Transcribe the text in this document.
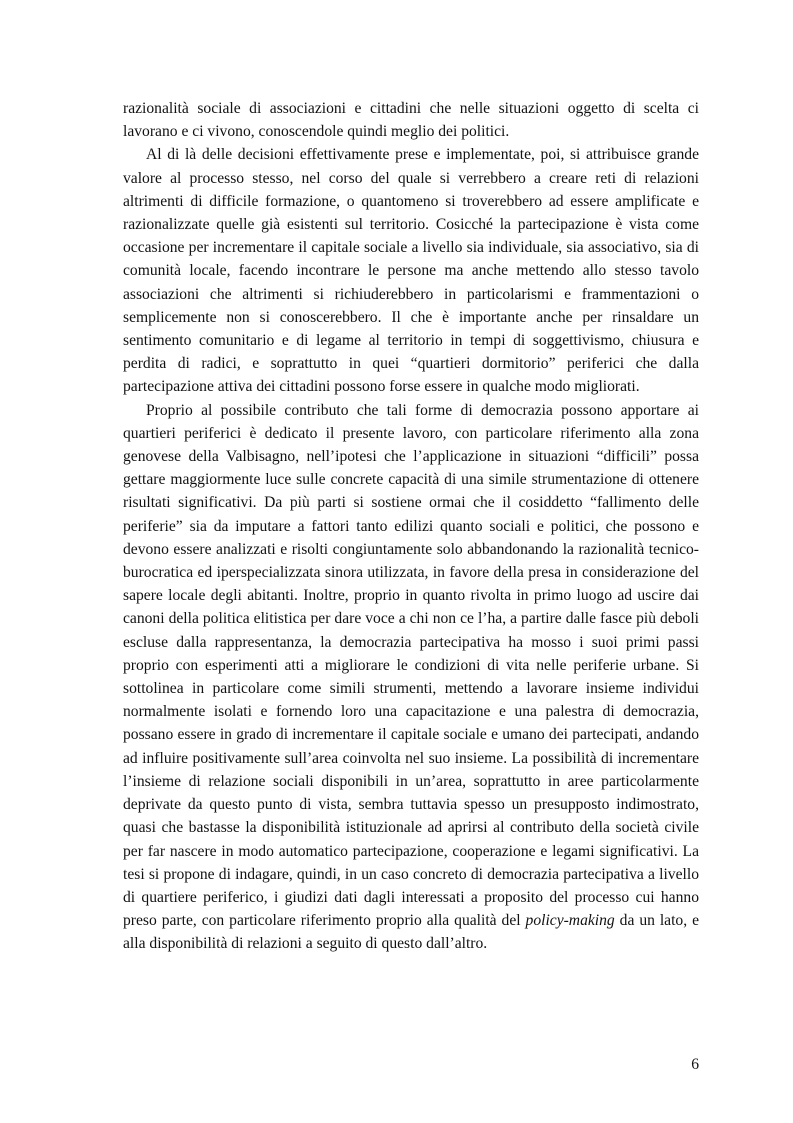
razionalità sociale di associazioni e cittadini che nelle situazioni oggetto di scelta ci lavorano e ci vivono, conoscendole quindi meglio dei politici.

Al di là delle decisioni effettivamente prese e implementate, poi, si attribuisce grande valore al processo stesso, nel corso del quale si verrebbero a creare reti di relazioni altrimenti di difficile formazione, o quantomeno si troverebbero ad essere amplificate e razionalizzate quelle già esistenti sul territorio. Cosicché la partecipazione è vista come occasione per incrementare il capitale sociale a livello sia individuale, sia associativo, sia di comunità locale, facendo incontrare le persone ma anche mettendo allo stesso tavolo associazioni che altrimenti si richiuderebbero in particolarismi e frammentazioni o semplicemente non si conoscerebbero. Il che è importante anche per rinsaldare un sentimento comunitario e di legame al territorio in tempi di soggettivismo, chiusura e perdita di radici, e soprattutto in quei “quartieri dormitorio” periferici che dalla partecipazione attiva dei cittadini possono forse essere in qualche modo migliorati.

Proprio al possibile contributo che tali forme di democrazia possono apportare ai quartieri periferici è dedicato il presente lavoro, con particolare riferimento alla zona genovese della Valbisagno, nell’ipotesi che l’applicazione in situazioni “difficili” possa gettare maggiormente luce sulle concrete capacità di una simile strumentazione di ottenere risultati significativi. Da più parti si sostiene ormai che il cosiddetto “fallimento delle periferie” sia da imputare a fattori tanto edilizi quanto sociali e politici, che possono e devono essere analizzati e risolti congiuntamente solo abbandonando la razionalità tecnico-burocratica ed iperspecializzata sinora utilizzata, in favore della presa in considerazione del sapere locale degli abitanti. Inoltre, proprio in quanto rivolta in primo luogo ad uscire dai canoni della politica elitistica per dare voce a chi non ce l’ha, a partire dalle fasce più deboli escluse dalla rappresentanza, la democrazia partecipativa ha mosso i suoi primi passi proprio con esperimenti atti a migliorare le condizioni di vita nelle periferie urbane. Si sottolinea in particolare come simili strumenti, mettendo a lavorare insieme individui normalmente isolati e fornendo loro una capacitazione e una palestra di democrazia, possano essere in grado di incrementare il capitale sociale e umano dei partecipati, andando ad influire positivamente sull’area coinvolta nel suo insieme. La possibilità di incrementare l’insieme di relazione sociali disponibili in un’area, soprattutto in aree particolarmente deprivate da questo punto di vista, sembra tuttavia spesso un presupposto indimostrato, quasi che bastasse la disponibilità istituzionale ad aprirsi al contributo della società civile per far nascere in modo automatico partecipazione, cooperazione e legami significativi. La tesi si propone di indagare, quindi, in un caso concreto di democrazia partecipativa a livello di quartiere periferico, i giudizi dati dagli interessati a proposito del processo cui hanno preso parte, con particolare riferimento proprio alla qualità del policy-making da un lato, e alla disponibilità di relazioni a seguito di questo dall’altro.

6
